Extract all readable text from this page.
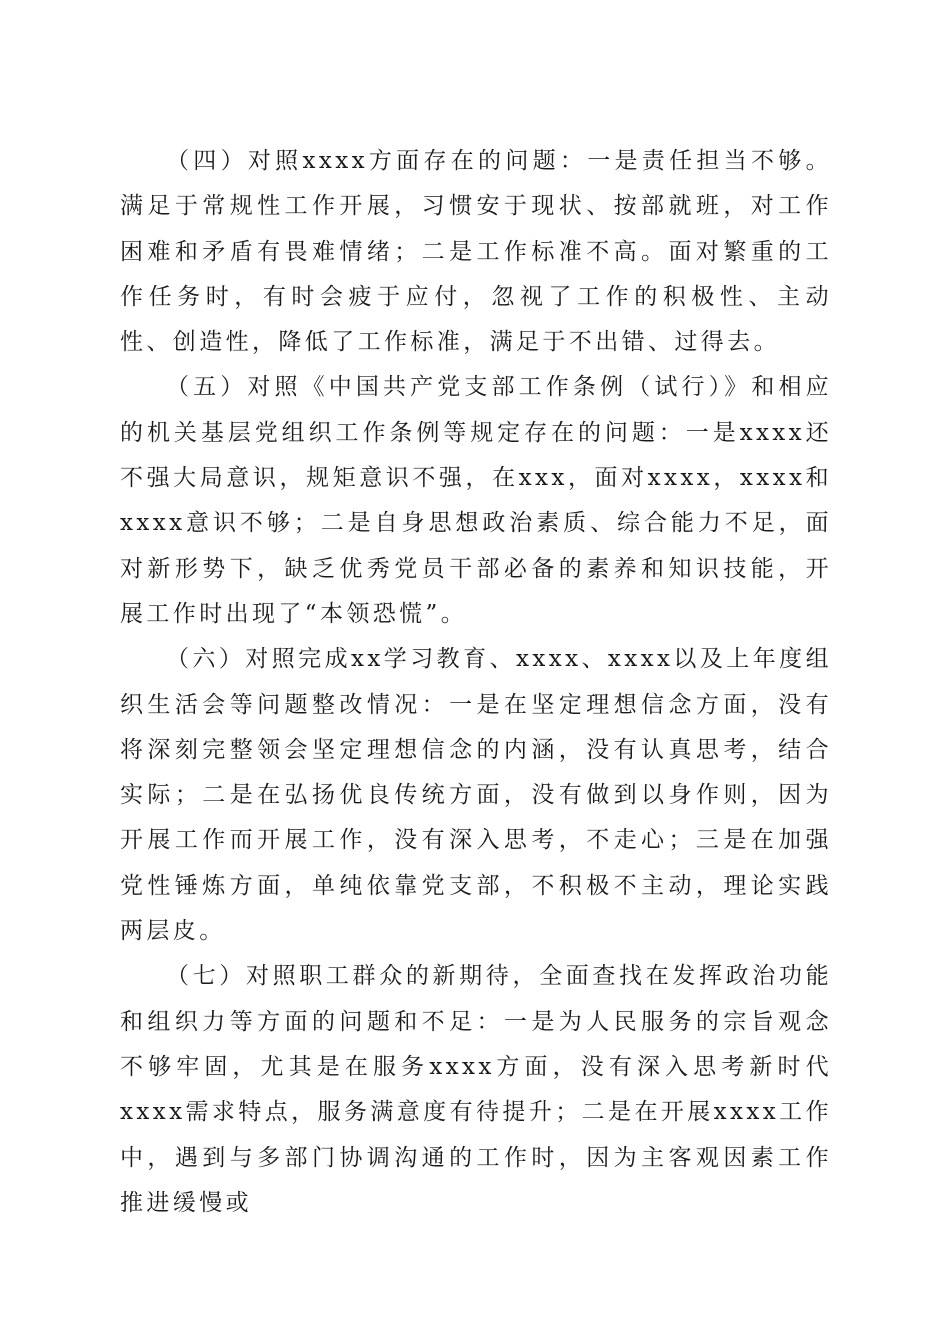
（四）对照xxxx方面存在的问题：一是责任担当不够。满足于常规性工作开展，习惯安于现状、按部就班，对工作困难和矛盾有畏难情绪；二是工作标准不高。面对繁重的工作任务时，有时会疲于应付，忽视了工作的积极性、主动性、创造性，降低了工作标准，满足于不出错、过得去。

（五）对照《中国共产党支部工作条例（试行）》和相应的机关基层党组织工作条例等规定存在的问题：一是xxxx还不强大局意识，规矩意识不强，在xxx，面对xxxx，xxxx和xxxx意识不够；二是自身思想政治素质、综合能力不足，面对新形势下，缺乏优秀党员干部必备的素养和知识技能，开展工作时出现了“本领恐慌”。

（六）对照完成xx学习教育、xxxx、xxxx以及上年度组织生活会等问题整改情况：一是在坚定理想信念方面，没有将深刻完整领会坚定理想信念的内涵，没有认真思考，结合实际；二是在弘扬优良传统方面，没有做到以身作则，因为开展工作而开展工作，没有深入思考，不走心；三是在加强党性锤炼方面，单纯依靠党支部，不积极不主动，理论实践两层皮。

（七）对照职工群众的新期待，全面查找在发挥政治功能和组织力等方面的问题和不足：一是为人民服务的宗旨观念不够牢固，尤其是在服务xxxx方面，没有深入思考新时代xxxx需求特点，服务满意度有待提升；二是在开展xxxx工作中，遇到与多部门协调沟通的工作时，因为主客观因素工作推进缓慢或
